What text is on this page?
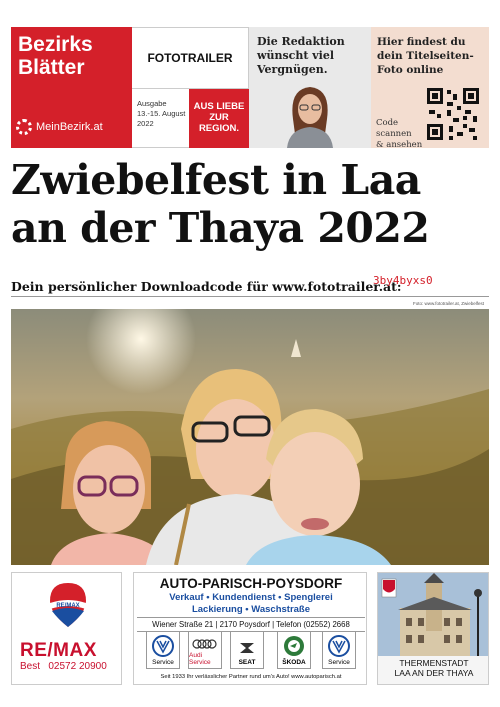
Bezirks
Blätter
MeinBezirk.at
FOTOTRAILER
Ausgabe
13.-15. August
2022
AUS LIEBE
ZUR
REGION.
Die Redaktion
wünscht viel
Vergnügen.
Hier findest du
dein Titelseiten-
Foto online
Code
scannen
& ansehen
Zwiebelfest in Laa
an der Thaya 2022
Dein persönlicher Downloadcode für www.fototrailer.at:
3by4byxs0
Foto: www.fototrailer.at, Zwiebelfest
RE/MAX
RE/MAX
Best 02572 20900
AUTO-PARISCH-POYSDORF
Verkauf • Kundendienst • Spenglerei
Lackierung • Waschstraße
Wiener Straße 21 | 2170 Poysdorf | Telefon (02552) 2668
Service
Audi Service	SEAT	ŠKODA	Service
Seit 1933 Ihr verlässlicher Partner rund um's Auto! www.autoparisch.at
THERMENSTADT
LAA AN DER THAYA
